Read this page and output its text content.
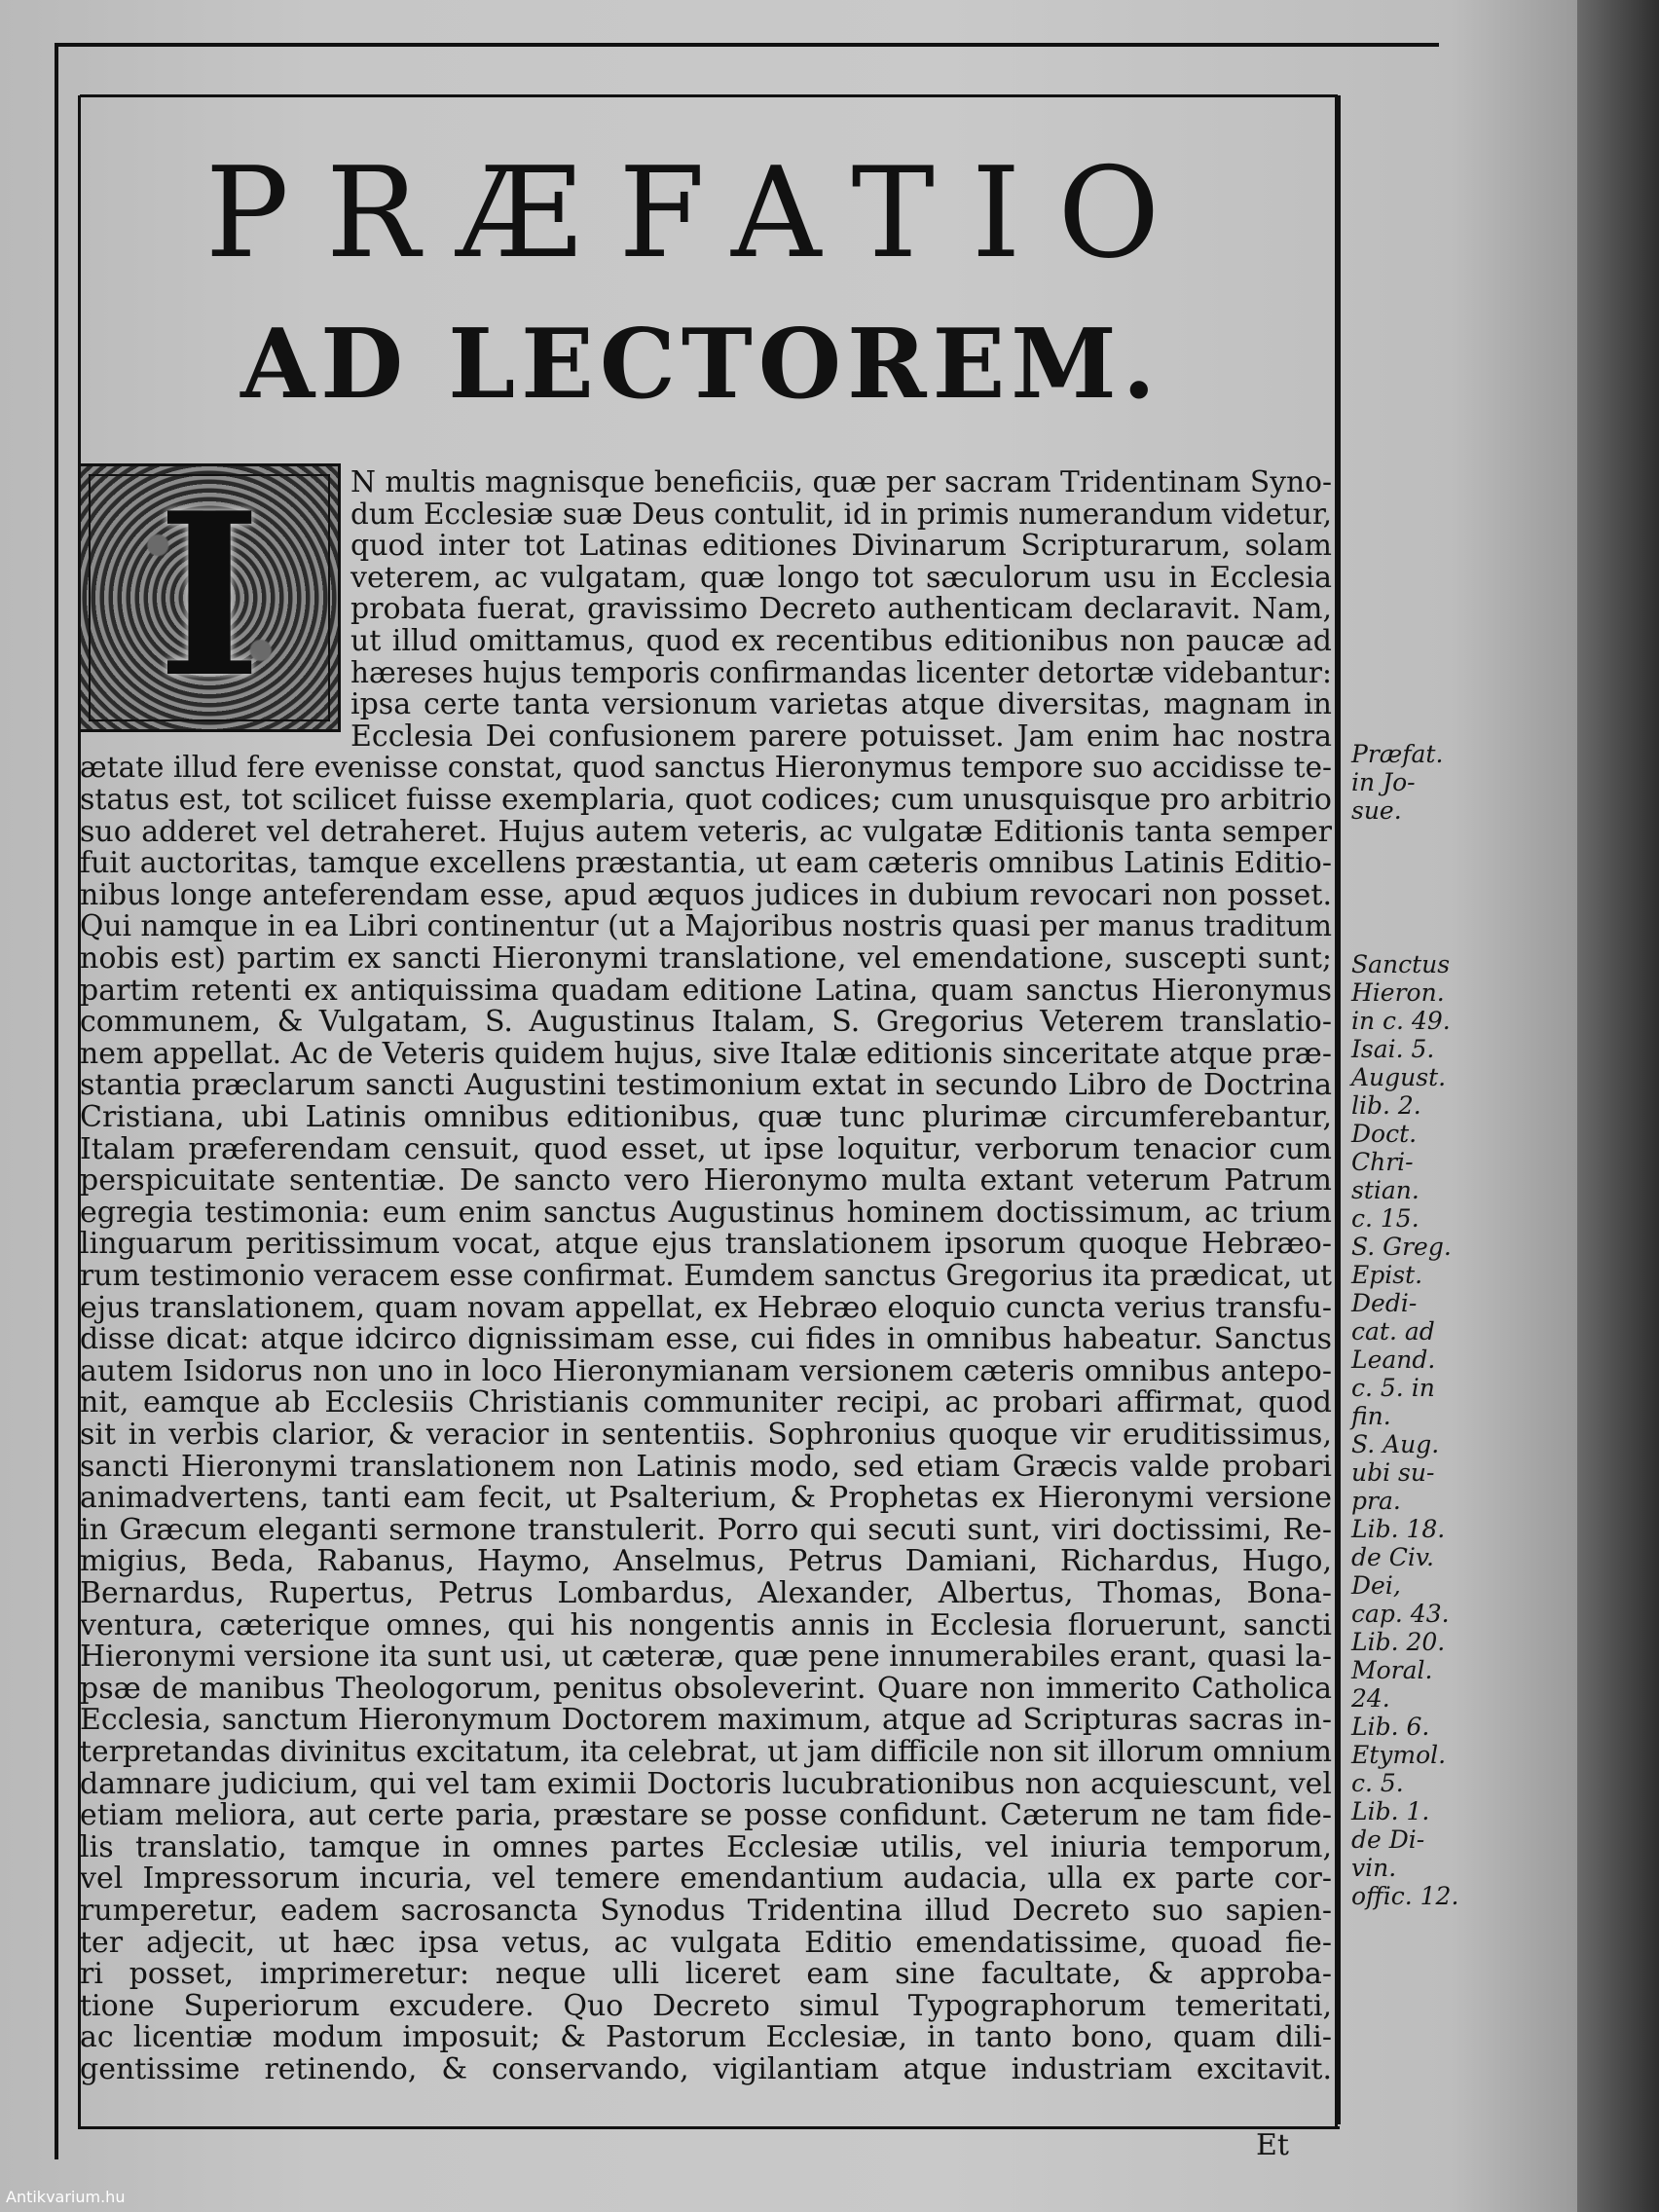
PRÆFATIO
AD LECTOREM.
I	N multis magnisque beneficiis, quæ per sacram Tridentinam Syno-
dum Ecclesiæ suæ Deus contulit, id in primis numerandum videtur,
quod inter tot Latinas editiones Divinarum Scripturarum, solam
veterem, ac vulgatam, quæ longo tot sæculorum usu in Ecclesia
probata fuerat, gravissimo Decreto authenticam declaravit. Nam,
ut illud omittamus, quod ex recentibus editionibus non paucæ ad
hæreses hujus temporis confirmandas licenter detortæ videbantur:
ipsa certe tanta versionum varietas atque diversitas, magnam in
Ecclesia Dei confusionem parere potuisset. Jam enim hac nostra
ætate illud fere evenisse constat, quod sanctus Hieronymus tempore suo accidisse te-
status est, tot scilicet fuisse exemplaria, quot codices; cum unusquisque pro arbitrio
suo adderet vel detraheret. Hujus autem veteris, ac vulgatæ Editionis tanta semper
fuit auctoritas, tamque excellens præstantia, ut eam cæteris omnibus Latinis Editio-
nibus longe anteferendam esse, apud æquos judices in dubium revocari non posset.
Qui namque in ea Libri continentur (ut a Majoribus nostris quasi per manus traditum
nobis est) partim ex sancti Hieronymi translatione, vel emendatione, suscepti sunt;
partim retenti ex antiquissima quadam editione Latina, quam sanctus Hieronymus
communem, & Vulgatam, S. Augustinus Italam, S. Gregorius Veterem translatio-
nem appellat. Ac de Veteris quidem hujus, sive Italæ editionis sinceritate atque præ-
stantia præclarum sancti Augustini testimonium extat in secundo Libro de Doctrina
Cristiana, ubi Latinis omnibus editionibus, quæ tunc plurimæ circumferebantur,
Italam præferendam censuit, quod esset, ut ipse loquitur, verborum tenacior cum
perspicuitate sententiæ. De sancto vero Hieronymo multa extant veterum Patrum
egregia testimonia: eum enim sanctus Augustinus hominem doctissimum, ac trium
linguarum peritissimum vocat, atque ejus translationem ipsorum quoque Hebræo-
rum testimonio veracem esse confirmat. Eumdem sanctus Gregorius ita prædicat, ut
ejus translationem, quam novam appellat, ex Hebræo eloquio cuncta verius transfu-
disse dicat: atque idcirco dignissimam esse, cui fides in omnibus habeatur. Sanctus
autem Isidorus non uno in loco Hieronymianam versionem cæteris omnibus antepo-
nit, eamque ab Ecclesiis Christianis communiter recipi, ac probari affirmat, quod
sit in verbis clarior, & veracior in sententiis. Sophronius quoque vir eruditissimus,
sancti Hieronymi translationem non Latinis modo, sed etiam Græcis valde probari
animadvertens, tanti eam fecit, ut Psalterium, & Prophetas ex Hieronymi versione
in Græcum eleganti sermone transtulerit. Porro qui secuti sunt, viri doctissimi, Re-
migius, Beda, Rabanus, Haymo, Anselmus, Petrus Damiani, Richardus, Hugo,
Bernardus, Rupertus, Petrus Lombardus, Alexander, Albertus, Thomas, Bona-
ventura, cæterique omnes, qui his nongentis annis in Ecclesia floruerunt, sancti
Hieronymi versione ita sunt usi, ut cæteræ, quæ pene innumerabiles erant, quasi la-
psæ de manibus Theologorum, penitus obsoleverint. Quare non immerito Catholica
Ecclesia, sanctum Hieronymum Doctorem maximum, atque ad Scripturas sacras in-
terpretandas divinitus excitatum, ita celebrat, ut jam difficile non sit illorum omnium
damnare judicium, qui vel tam eximii Doctoris lucubrationibus non acquiescunt, vel
etiam meliora, aut certe paria, præstare se posse confidunt. Cæterum ne tam fide-
lis translatio, tamque in omnes partes Ecclesiæ utilis, vel iniuria temporum,
vel Impressorum incuria, vel temere emendantium audacia, ulla ex parte cor-
rumperetur, eadem sacrosancta Synodus Tridentina illud Decreto suo sapien-
ter adjecit, ut hæc ipsa vetus, ac vulgata Editio emendatissime, quoad fie-
ri posset, imprimeretur: neque ulli liceret eam sine facultate, & approba-
tione Superiorum excudere. Quo Decreto simul Typographorum temeritati,
ac licentiæ modum imposuit; & Pastorum Ecclesiæ, in tanto bono, quam dili-
gentissime retinendo, & conservando, vigilantiam atque industriam excitavit.
Præfat.
in Jo-
sue.
Sanctus
Hieron.
in c. 49.
Isai. 5.
August.
lib. 2.
Doct.
Chri-
stian.
c. 15.
S. Greg.
Epist.
Dedi-
cat. ad
Leand.
c. 5. in
fin.
S. Aug.
ubi su-
pra.
Lib. 18.
de Civ.
Dei,
cap. 43.
Lib. 20.
Moral.
24.
Lib. 6.
Etymol.
c. 5.
Lib. 1.
de Di-
vin.
offic. 12.
Et
Antikvarium.hu
